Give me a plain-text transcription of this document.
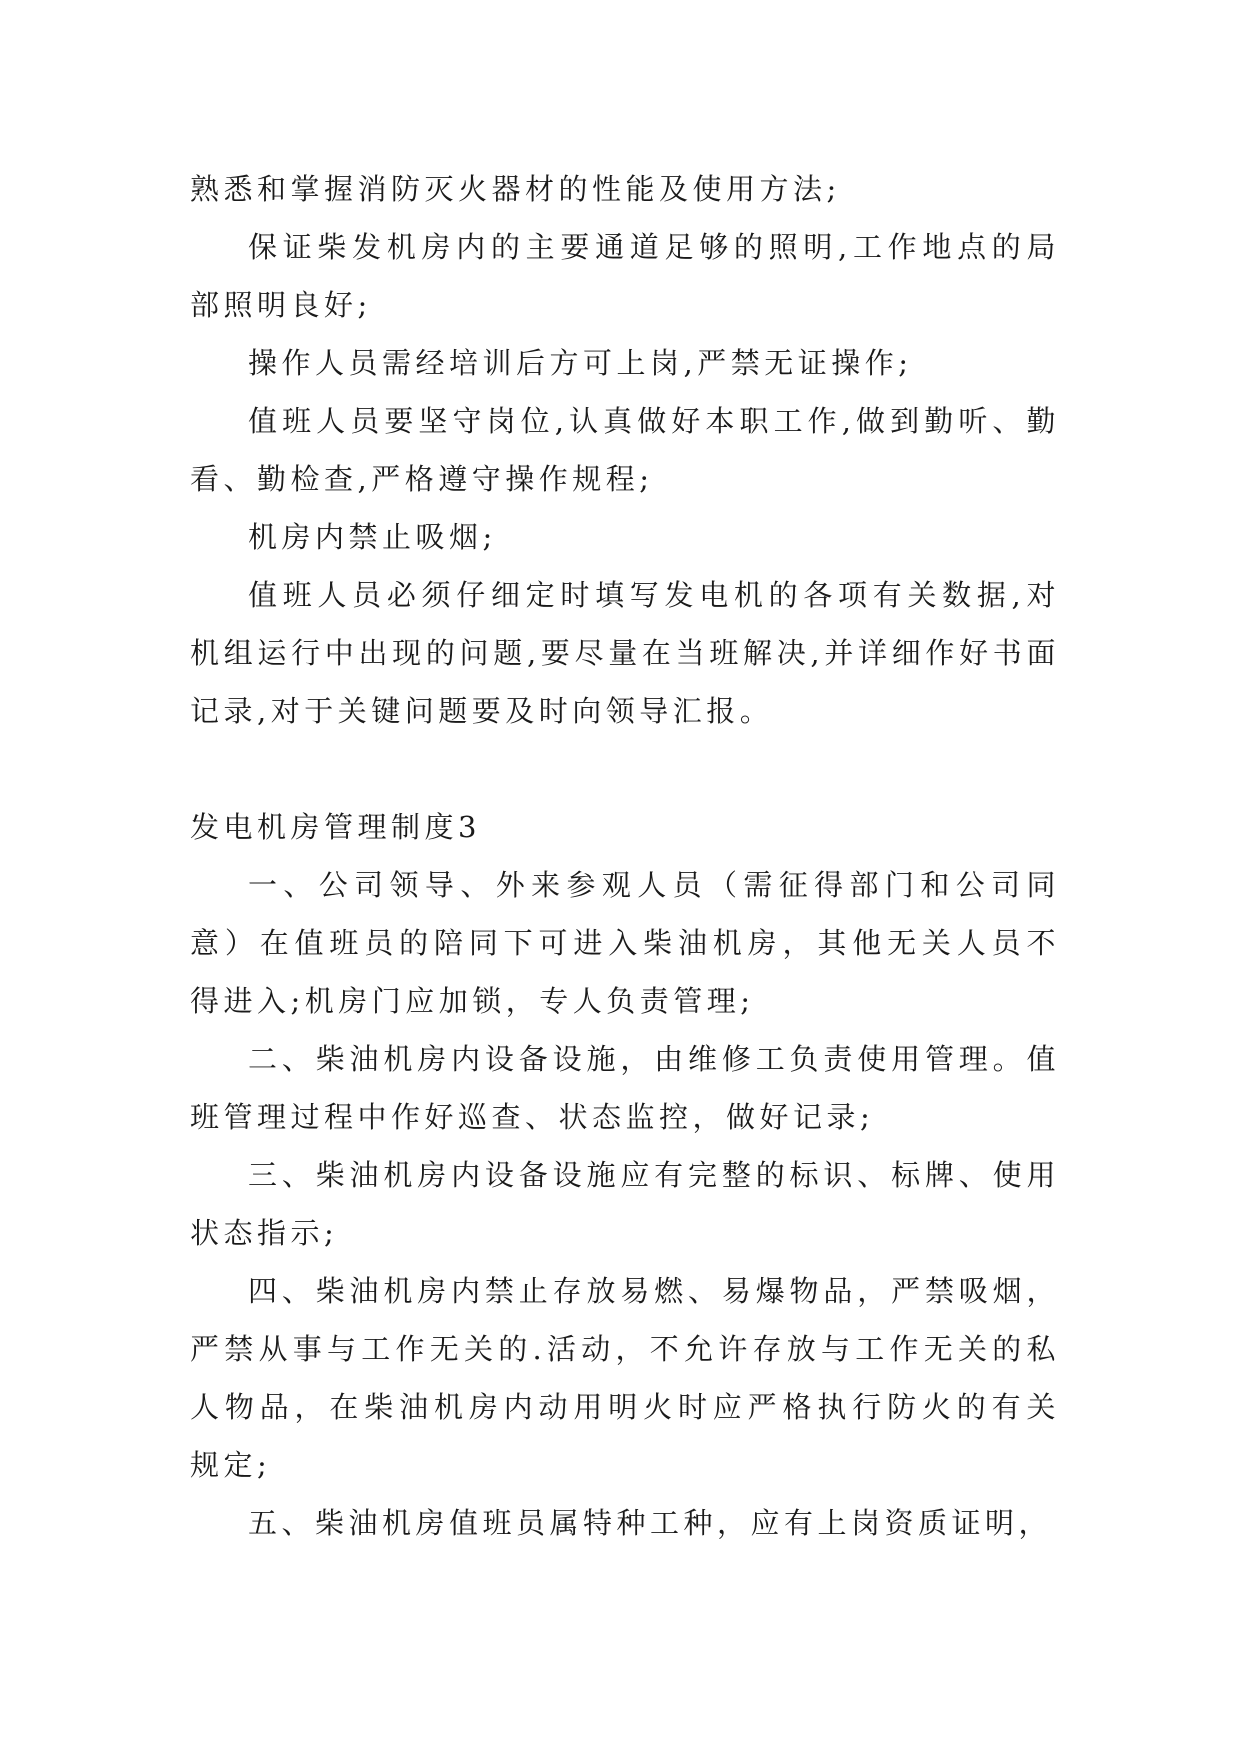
熟悉和掌握消防灭火器材的性能及使用方法;

保证柴发机房内的主要通道足够的照明,工作地点的局部照明良好;

操作人员需经培训后方可上岗,严禁无证操作;

值班人员要坚守岗位,认真做好本职工作,做到勤听、勤看、勤检查,严格遵守操作规程;

机房内禁止吸烟;

值班人员必须仔细定时填写发电机的各项有关数据,对机组运行中出现的问题,要尽量在当班解决,并详细作好书面记录,对于关键问题要及时向领导汇报。

发电机房管理制度3

一、公司领导、外来参观人员（需征得部门和公司同意）在值班员的陪同下可进入柴油机房，其他无关人员不得进入;机房门应加锁，专人负责管理;

二、柴油机房内设备设施，由维修工负责使用管理。值班管理过程中作好巡查、状态监控，做好记录;

三、柴油机房内设备设施应有完整的标识、标牌、使用状态指示;

四、柴油机房内禁止存放易燃、易爆物品，严禁吸烟，严禁从事与工作无关的.活动，不允许存放与工作无关的私人物品，在柴油机房内动用明火时应严格执行防火的有关规定;

五、柴油机房值班员属特种工种，应有上岗资质证明，
